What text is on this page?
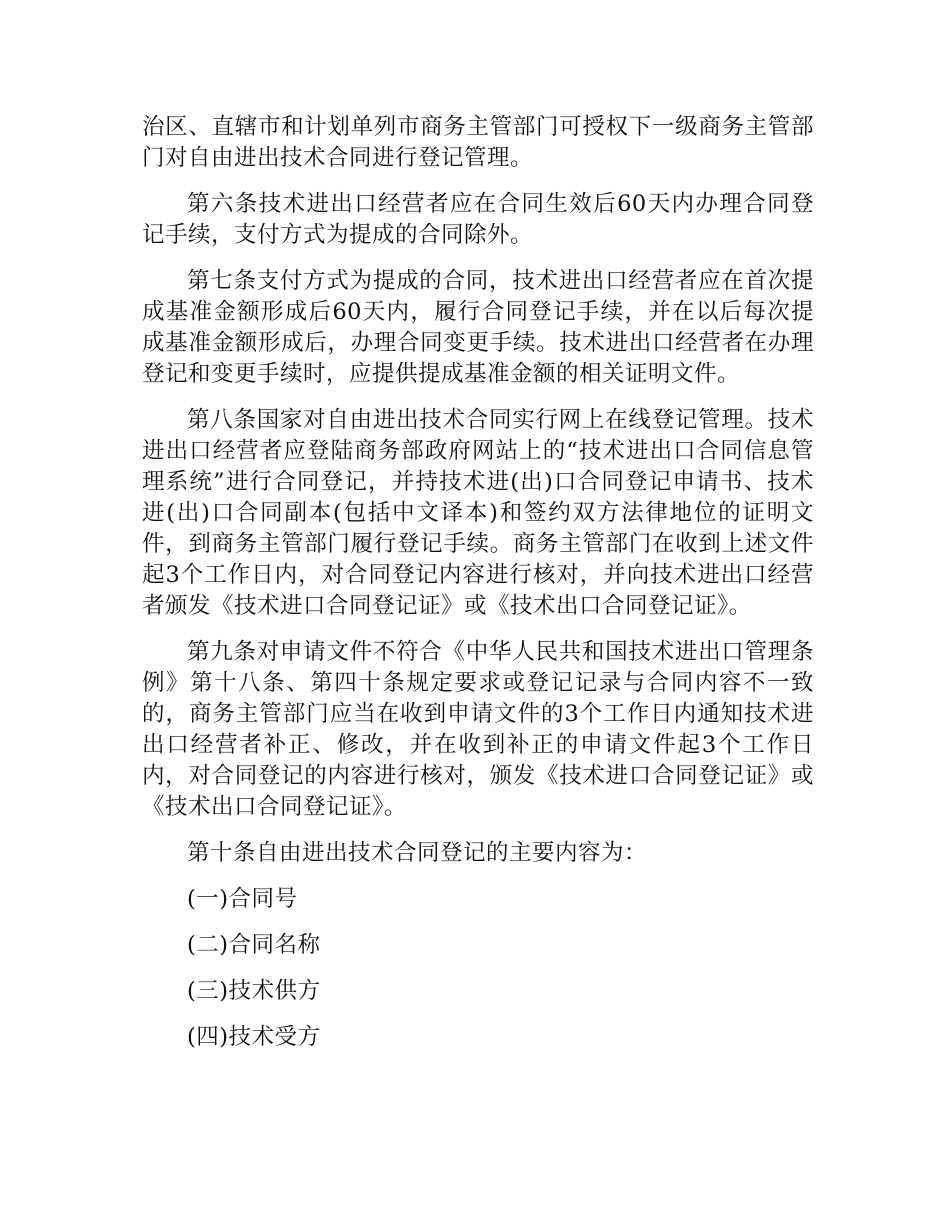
治区、直辖市和计划单列市商务主管部门可授权下一级商务主管部门对自由进出技术合同进行登记管理。

第六条技术进出口经营者应在合同生效后60天内办理合同登记手续，支付方式为提成的合同除外。

第七条支付方式为提成的合同，技术进出口经营者应在首次提成基准金额形成后60天内，履行合同登记手续，并在以后每次提成基准金额形成后，办理合同变更手续。技术进出口经营者在办理登记和变更手续时，应提供提成基准金额的相关证明文件。

第八条国家对自由进出技术合同实行网上在线登记管理。技术进出口经营者应登陆商务部政府网站上的“技术进出口合同信息管理系统”进行合同登记，并持技术进(出)口合同登记申请书、技术进(出)口合同副本(包括中文译本)和签约双方法律地位的证明文件，到商务主管部门履行登记手续。商务主管部门在收到上述文件起3个工作日内，对合同登记内容进行核对，并向技术进出口经营者颁发《技术进口合同登记证》或《技术出口合同登记证》。

第九条对申请文件不符合《中华人民共和国技术进出口管理条例》第十八条、第四十条规定要求或登记记录与合同内容不一致的，商务主管部门应当在收到申请文件的3个工作日内通知技术进出口经营者补正、修改，并在收到补正的申请文件起3个工作日内，对合同登记的内容进行核对，颁发《技术进口合同登记证》或《技术出口合同登记证》。

第十条自由进出技术合同登记的主要内容为：

(一)合同号

(二)合同名称

(三)技术供方

(四)技术受方
